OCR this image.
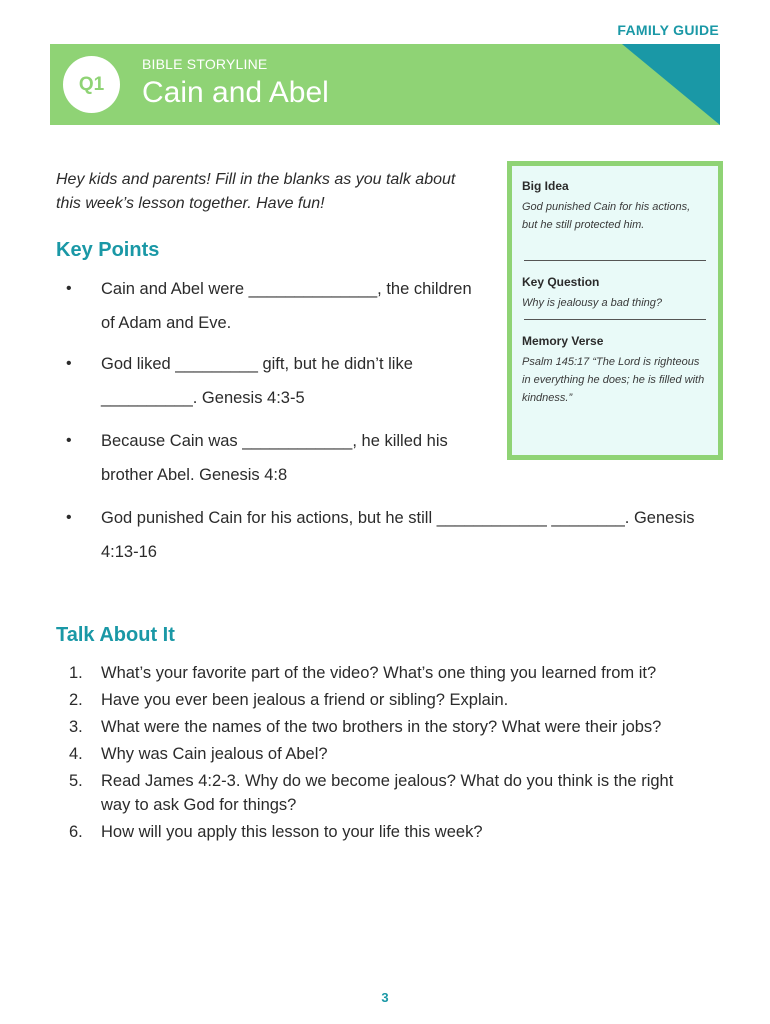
FAMILY GUIDE
Q1
BIBLE STORYLINE
Cain and Abel
Hey kids and parents! Fill in the blanks as you talk about this week’s lesson together. Have fun!
Key Points
• Cain and Abel were ______________, the children of Adam and Eve.
• God liked _________ gift, but he didn’t like __________. Genesis 4:3-5
• Because Cain was ____________, he killed his brother Abel. Genesis 4:8
• God punished Cain for his actions, but he still ____________ ________. Genesis 4:13-16
Big Idea
God punished Cain for his actions, but he still protected him.
Key Question
Why is jealousy a bad thing?
Memory Verse
Psalm 145:17 “The Lord is righteous in everything he does; he is filled with kindness.”
Talk About It
1. What’s your favorite part of the video? What’s one thing you learned from it?
2. Have you ever been jealous a friend or sibling? Explain.
3. What were the names of the two brothers in the story? What were their jobs?
4. Why was Cain jealous of Abel?
5. Read James 4:2-3. Why do we become jealous? What do you think is the right way to ask God for things?
6. How will you apply this lesson to your life this week?
3
